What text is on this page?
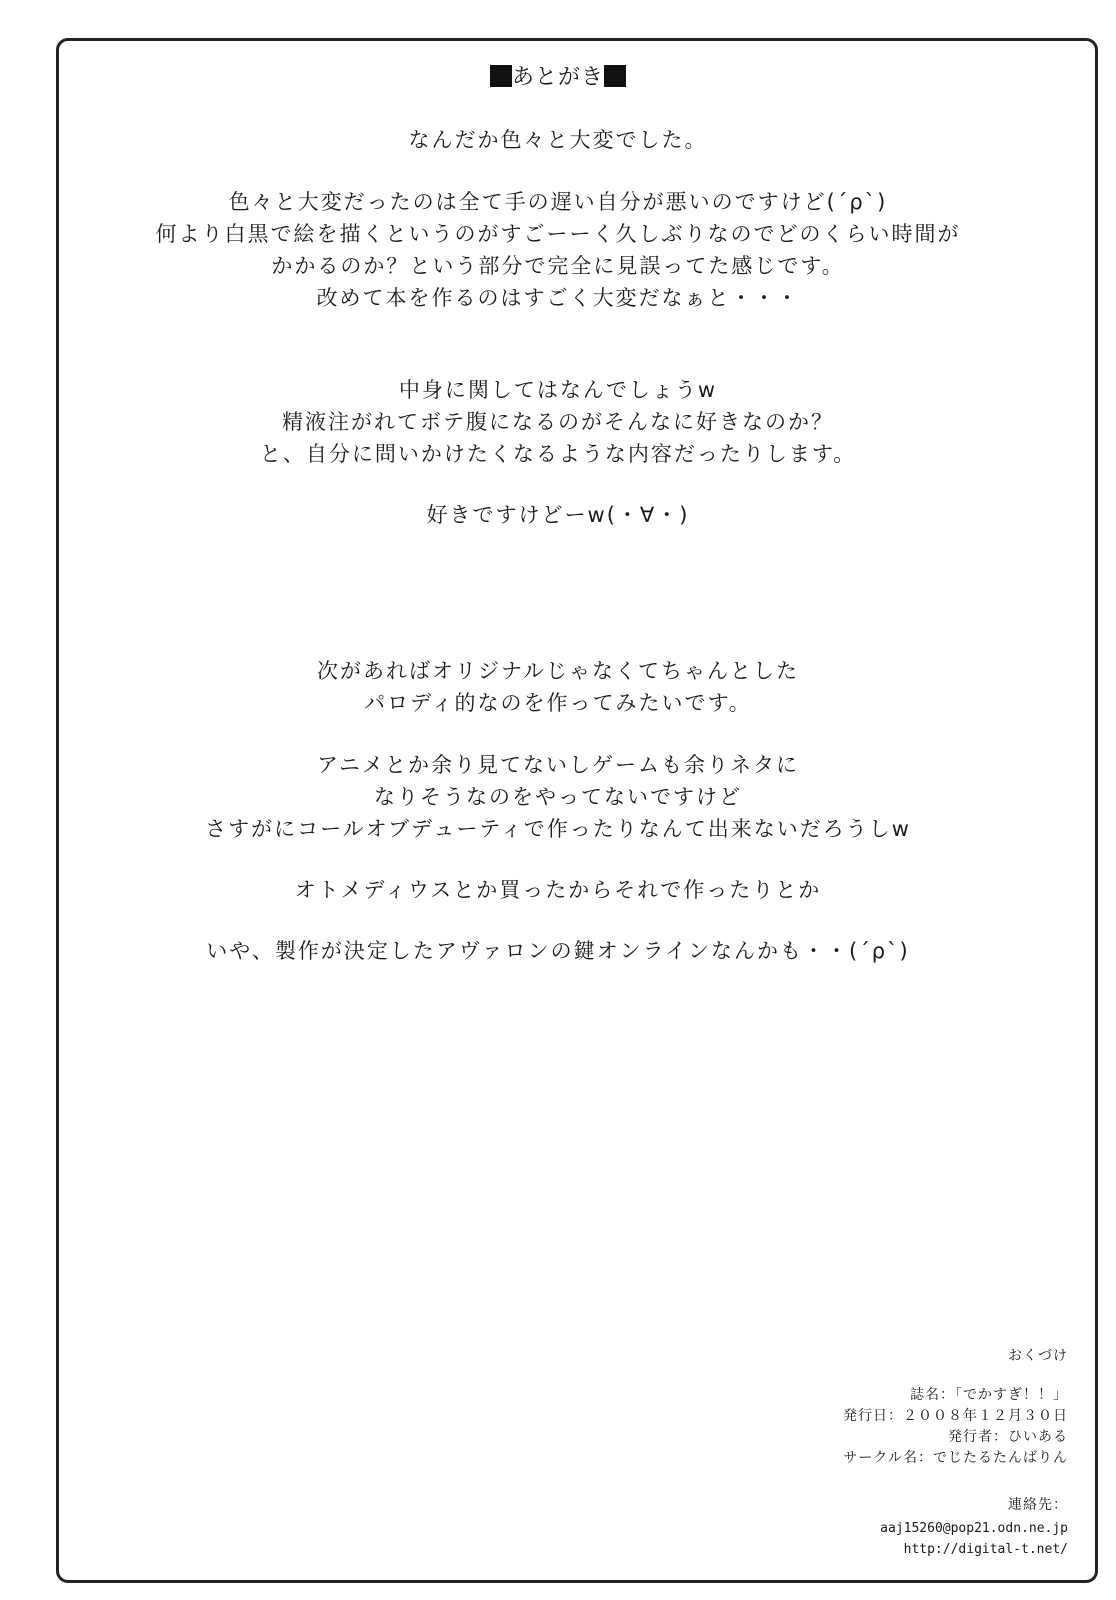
あとがき
なんだか色々と大変でした。
色々と大変だったのは全て手の遅い自分が悪いのですけど(´ρ`)
何より白黒で絵を描くというのがすごーーく久しぶりなのでどのくらい時間が
かかるのか？という部分で完全に見誤ってた感じです。
改めて本を作るのはすごく大変だなぁと・・・
中身に関してはなんでしょうw
精液注がれてボテ腹になるのがそんなに好きなのか？
と、自分に問いかけたくなるような内容だったりします。
好きですけどーw(・∀・)
次があればオリジナルじゃなくてちゃんとした
パロディ的なのを作ってみたいです。
アニメとか余り見てないしゲームも余りネタに
なりそうなのをやってないですけど
さすがにコールオブデューティで作ったりなんて出来ないだろうしw
オトメディウスとか買ったからそれで作ったりとか
いや、製作が決定したアヴァロンの鍵オンラインなんかも・・(´ρ`)
おくづけ
誌名：「でかすぎ！！」
発行日：２００８年１２月３０日
発行者：ひいある
サークル名：でじたるたんばりん
連絡先：
aaj15260@pop21.odn.ne.jp
http://digital-t.net/
